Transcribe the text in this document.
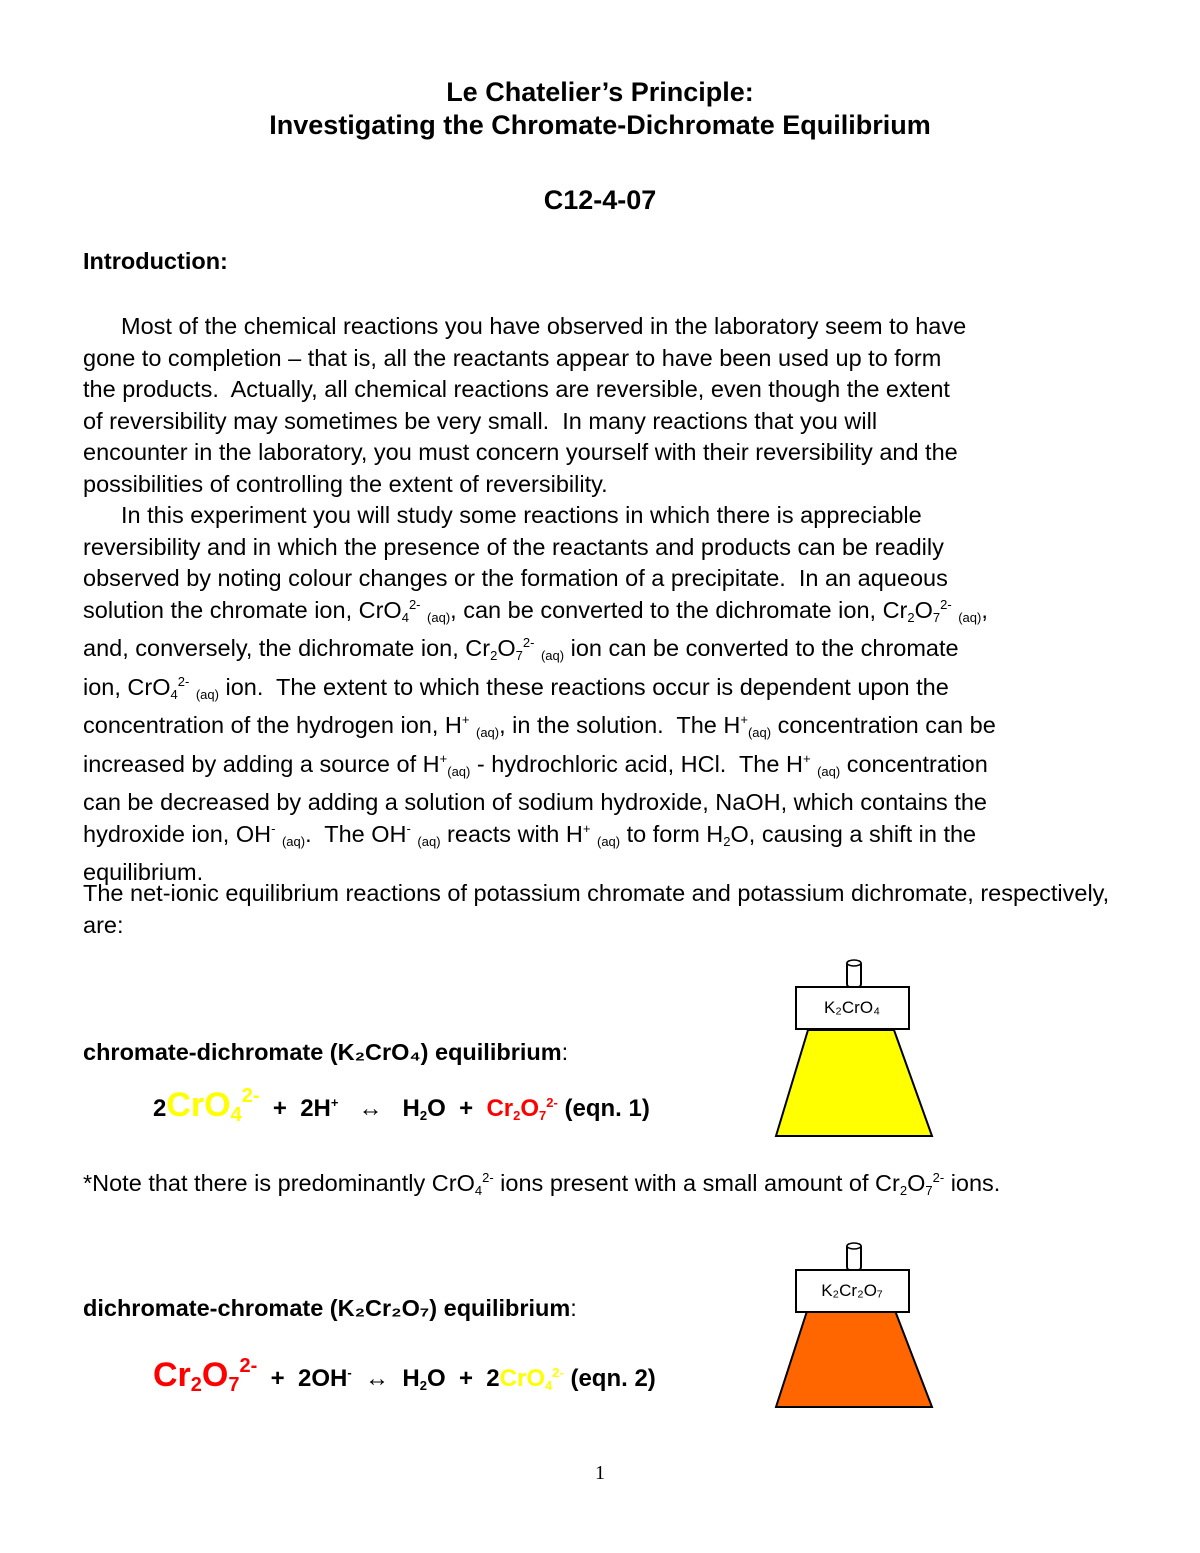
Le Chatelier’s Principle:
Investigating the Chromate-Dichromate Equilibrium
C12-4-07
Introduction:
Most of the chemical reactions you have observed in the laboratory seem to have
gone to completion – that is, all the reactants appear to have been used up to form
the products.  Actually, all chemical reactions are reversible, even though the extent
of reversibility may sometimes be very small.  In many reactions that you will
encounter in the laboratory, you must concern yourself with their reversibility and the
possibilities of controlling the extent of reversibility.
In this experiment you will study some reactions in which there is appreciable
reversibility and in which the presence of the reactants and products can be readily
observed by noting colour changes or the formation of a precipitate.  In an aqueous
solution the chromate ion, CrO$_4^{2-}$ (aq), can be converted to the dichromate ion, $Cr_2O_7^{2-}$ (aq),
and, conversely, the dichromate ion, $Cr_2O_7^{2-}$ (aq) ion can be converted to the chromate
ion, CrO$_4^{2-}$ (aq) ion.  The extent to which these reactions occur is dependent upon the
concentration of the hydrogen ion, H+ (aq), in the solution.  The H+(aq) concentration can be
increased by adding a source of H+(aq) - hydrochloric acid, HCl.  The H+ (aq) concentration
can be decreased by adding a solution of sodium hydroxide, NaOH, which contains the
hydroxide ion, OH- (aq).  The OH- (aq) reacts with H+ (aq) to form $H_2O$, causing a shift in the
equilibrium.
The net-ionic equilibrium reactions of potassium chromate and potassium dichromate, respectively, are:
chromate-dichromate (K₂CrO₄) equilibrium:
2CrO$_4^{2-}$  +  2H+ ↔   $H_2O + Cr_2O_7^{2-}$ (eqn. 1)
*Note that there is predominantly CrO$_4^{2-}$ ions present with a small amount of $Cr_2O_7^{2-}$ ions.
dichromate-chromate (K₂Cr₂O₇) equilibrium:
$Cr_2O_7^{2-} + 2OH^-$ ↔  $H_2O + 2CrO_4^{2-}$ (eqn. 2)
K₂CrO₄
K₂Cr₂O₇
1
